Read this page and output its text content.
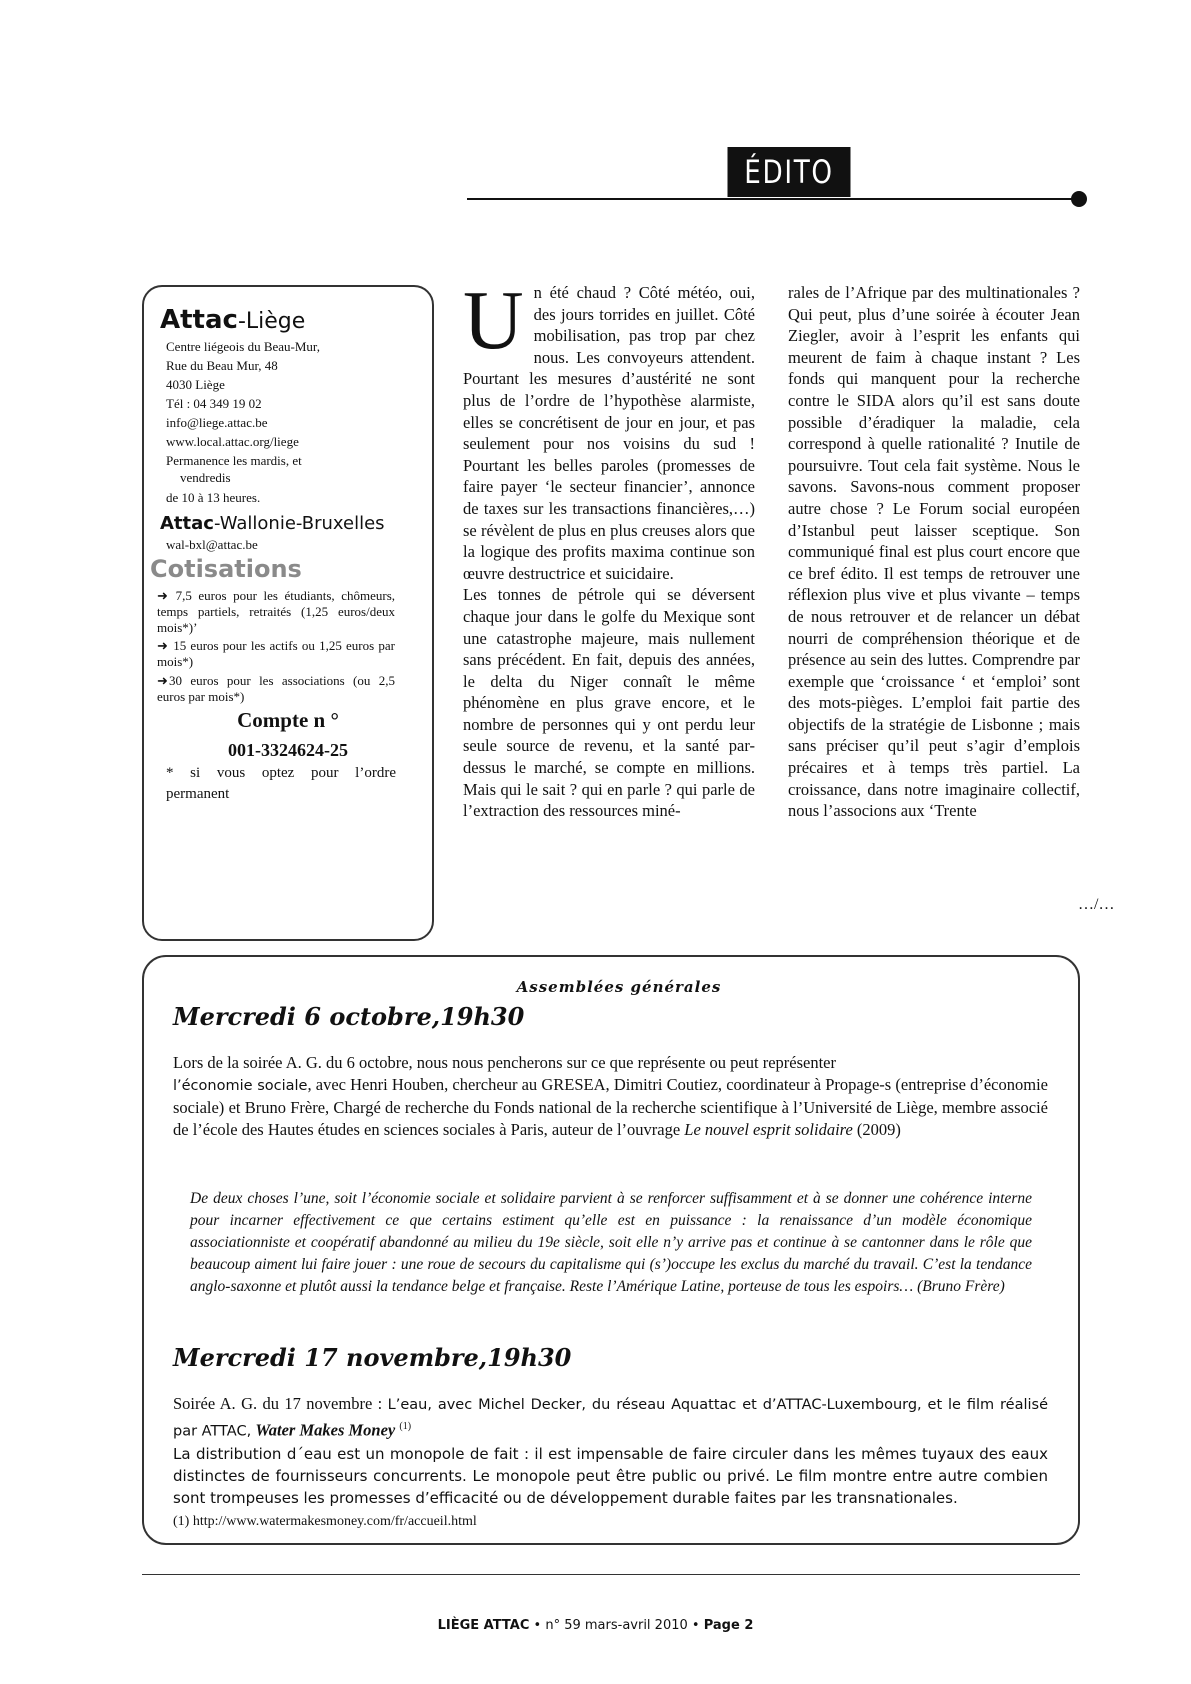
ÉDITO
Attac-Liège
Centre liégeois du Beau-Mur,
Rue du Beau Mur, 48
4030 Liège
Tél : 04 349 19 02
info@liege.attac.be
www.local.attac.org/liege
Permanence les mardis, et
vendredis
de 10 à 13 heures.
Attac-Wallonie-Bruxelles
wal-bxl@attac.be
Cotisations
➜ 7,5 euros pour les étudiants, chômeurs, temps partiels, retraités (1,25 euros/deux mois*)’
➜ 15 euros pour les actifs ou 1,25 euros par mois*)
➜30 euros pour les associations (ou 2,5 euros par mois*)
Compte n °
001-3324624-25
* si vous optez pour l’ordre permanent

Un été chaud ? Côté météo, oui, des jours torrides en juillet. Côté mobilisation, pas trop par chez nous. Les convoyeurs attendent. Pourtant les mesures d’austérité ne sont plus de l’ordre de l’hypothèse alarmiste, elles se concrétisent de jour en jour, et pas seulement pour nos voisins du sud ! Pourtant les belles paroles (promesses de faire payer ‘le secteur financier’, annonce de taxes sur les transactions financières,…) se révèlent de plus en plus creuses alors que la logique des profits maxima continue son œuvre destructrice et suicidaire.

Les tonnes de pétrole qui se déversent chaque jour dans le golfe du Mexique sont une catastrophe majeure, mais nullement sans précédent. En fait, depuis des années, le delta du Niger connaît le même phénomène en plus grave encore, et le nombre de personnes qui y ont perdu leur seule source de revenu, et la santé par-dessus le marché, se compte en millions. Mais qui le sait ? qui en parle ? qui parle de l’extraction des ressources miné-

rales de l’Afrique par des multinationales ? Qui peut, plus d’une soirée à écouter Jean Ziegler, avoir à l’esprit les enfants qui meurent de faim à chaque instant ? Les fonds qui manquent pour la recherche contre le SIDA alors qu’il est sans doute possible d’éradiquer la maladie, cela correspond à quelle rationalité ? Inutile de poursuivre. Tout cela fait système. Nous le savons. Savons-nous comment proposer autre chose ? Le Forum social européen d’Istanbul peut laisser sceptique. Son communiqué final est plus court encore que ce bref édito. Il est temps de retrouver une réflexion plus vive et plus vivante – temps de nous retrouver et de relancer un débat nourri de compréhension théorique et de présence au sein des luttes. Comprendre par exemple que ‘croissance ‘ et ‘emploi’ sont des mots-pièges. L’emploi fait partie des objectifs de la stratégie de Lisbonne ; mais sans préciser qu’il peut s’agir d’emplois précaires et à temps très partiel. La croissance, dans notre imaginaire collectif, nous l’associons aux ‘Trente

…/…
Assemblées générales
Mercredi 6 octobre,19h30

Lors de la soirée A. G. du 6 octobre, nous nous pencherons sur ce que représente ou peut représenter
l’économie sociale, avec Henri Houben, chercheur au GRESEA, Dimitri Coutiez, coordinateur à Propage-s (entreprise d’économie sociale) et Bruno Frère, Chargé de recherche du Fonds national de la recherche scientifique à l’Université de Liège, membre associé de l’école des Hautes études en sciences sociales à Paris, auteur de l’ouvrage Le nouvel esprit solidaire (2009)

De deux choses l’une, soit l’économie sociale et solidaire parvient à se renforcer suffisamment et à se donner une cohérence interne pour incarner effectivement ce que certains estiment qu’elle est en puissance : la renaissance d’un modèle économique associationniste et coopératif abandonné au milieu du 19e siècle, soit elle n’y arrive pas et continue à se cantonner dans le rôle que beaucoup aiment lui faire jouer : une roue de secours du capitalisme qui (s’)occupe les exclus du marché du travail. C’est la tendance anglo-saxonne et plutôt aussi la tendance belge et française. Reste l’Amérique Latine, porteuse de tous les espoirs… (Bruno Frère)
Mercredi 17 novembre,19h30

Soirée A. G. du 17 novembre : L’eau, avec Michel Decker, du réseau Aquattac et d’ATTAC-Luxembourg, et le film réalisé par ATTAC, Water Makes Money $^{(1)}$

La distribution d´eau est un monopole de fait : il est impensable de faire circuler dans les mêmes tuyaux des eaux distinctes de fournisseurs concurrents. Le monopole peut être public ou privé. Le film montre entre autre combien sont trompeuses les promesses d’efficacité ou de développement durable faites par les transnationales.

(1) http://www.watermakesmoney.com/fr/accueil.html

LIÈGE ATTAC • n° 59 mars-avril 2010 • Page 2
